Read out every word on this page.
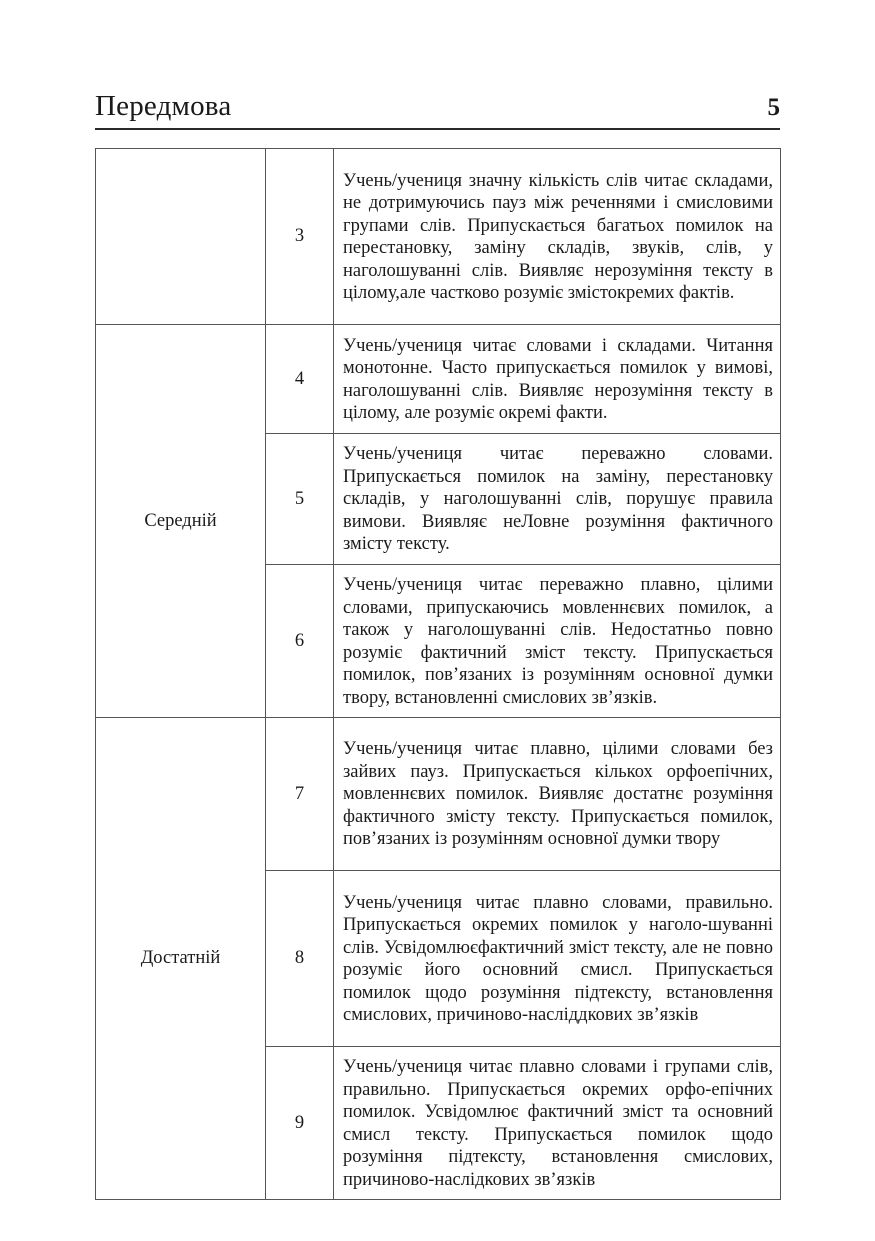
Передмова	5
	3	Учень/учениця значну кількість слів читає складами, не дотримуючись пауз між реченнями і смисловими групами слів. Припускається багатьох помилок на перестановку, заміну складів, звуків, слів, у наголошуванні слів. Виявляє нерозуміння тексту в цілому,але частково розуміє змістокремих фактів.
Середній	4	Учень/учениця читає словами і складами. Читання монотонне. Часто припускається помилок у вимові, наголошуванні слів. Виявляє нерозуміння тексту в цілому, але розуміє окремі факти.
	5	Учень/учениця читає переважно словами. Припускається помилок на заміну, перестановку складів, у наголошуванні слів, порушує правила вимови. Виявляє неЛовне розуміння фактичного змісту тексту.
	6	Учень/учениця читає переважно плавно, цілими словами, припускаючись мовленнєвих помилок, а також у наголошуванні слів. Недостатньо повно розуміє фактичний зміст тексту. Припускається помилок, пов’язаних із розумінням основної думки твору, встановленні смислових зв’язків.
Достатній	7	Учень/учениця читає плавно, цілими словами без зайвих пауз. Припускається кількох орфоепічних, мовленнєвих помилок. Виявляє достатнє розуміння фактичного змісту тексту. Припускається помилок, пов’язаних із розумінням основної думки твору
	8	Учень/учениця читає плавно словами, правильно. Припускається окремих помилок у наголо-шуванні слів. Усвідомлюєфактичний зміст тексту, але не повно розуміє його основний смисл. Припускається помилок щодо розуміння підтексту, встановлення смислових, причиново-насліддкових зв’язків
	9	Учень/учениця читає плавно словами і групами слів, правильно. Припускається окремих орфо-епічних помилок. Усвідомлює фактичний зміст та основний смисл тексту. Припускається помилок щодо розуміння підтексту, встановлення смислових, причиново-наслідкових зв’язків
